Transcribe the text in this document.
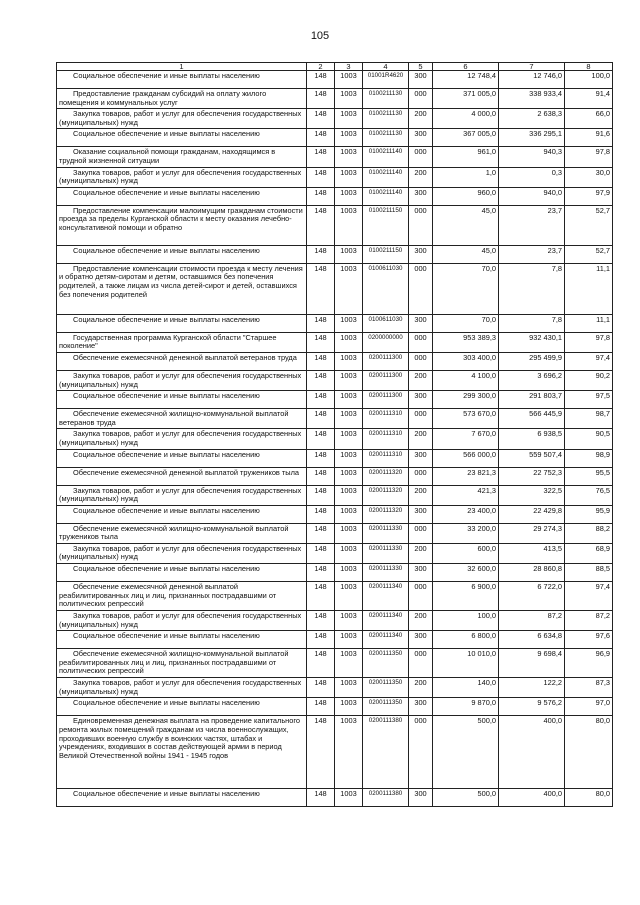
105
1	2	3	4	5	6	7	8
Социальное обеспечение и иные выплаты населению	148	1003	01001R4620	300	12 748,4	12 746,0	100,0
Предоставление гражданам субсидий на оплату жилого помещения и коммунальных услуг	148	1003	0100211130	000	371 005,0	338 933,4	91,4
Закупка товаров, работ и услуг для обеспечения государственных (муниципальных) нужд	148	1003	0100211130	200	4 000,0	2 638,3	66,0
Социальное обеспечение и иные выплаты населению	148	1003	0100211130	300	367 005,0	336 295,1	91,6
Оказание социальной помощи гражданам, находящимся в трудной жизненной ситуации	148	1003	0100211140	000	961,0	940,3	97,8
Закупка товаров, работ и услуг для обеспечения государственных (муниципальных) нужд	148	1003	0100211140	200	1,0	0,3	30,0
Социальное обеспечение и иные выплаты населению	148	1003	0100211140	300	960,0	940,0	97,9
Предоставление компенсации малоимущим гражданам стоимости проезда за пределы Курганской области к месту оказания лечебно-консультативной помощи и обратно	148	1003	0100211150	000	45,0	23,7	52,7
Социальное обеспечение и иные выплаты населению	148	1003	0100211150	300	45,0	23,7	52,7
Предоставление компенсации стоимости проезда к месту лечения и обратно детям-сиротам и детям, оставшимся без попечения родителей, а также лицам из числа детей-сирот и детей, оставшихся без попечения родителей	148	1003	0100611030	000	70,0	7,8	11,1
Социальное обеспечение и иные выплаты населению	148	1003	0100611030	300	70,0	7,8	11,1
Государственная программа Курганской области "Старшее поколение"	148	1003	0200000000	000	953 389,3	932 430,1	97,8
Обеспечение ежемесячной денежной выплатой ветеранов труда	148	1003	0200111300	000	303 400,0	295 499,9	97,4
Закупка товаров, работ и услуг для обеспечения государственных (муниципальных) нужд	148	1003	0200111300	200	4 100,0	3 696,2	90,2
Социальное обеспечение и иные выплаты населению	148	1003	0200111300	300	299 300,0	291 803,7	97,5
Обеспечение ежемесячной жилищно-коммунальной выплатой ветеранов труда	148	1003	0200111310	000	573 670,0	566 445,9	98,7
Закупка товаров, работ и услуг для обеспечения государственных (муниципальных) нужд	148	1003	0200111310	200	7 670,0	6 938,5	90,5
Социальное обеспечение и иные выплаты населению	148	1003	0200111310	300	566 000,0	559 507,4	98,9
Обеспечение ежемесячной денежной выплатой тружеников тыла	148	1003	0200111320	000	23 821,3	22 752,3	95,5
Закупка товаров, работ и услуг для обеспечения государственных (муниципальных) нужд	148	1003	0200111320	200	421,3	322,5	76,5
Социальное обеспечение и иные выплаты населению	148	1003	0200111320	300	23 400,0	22 429,8	95,9
Обеспечение ежемесячной жилищно-коммунальной выплатой тружеников тыла	148	1003	0200111330	000	33 200,0	29 274,3	88,2
Закупка товаров, работ и услуг для обеспечения государственных (муниципальных) нужд	148	1003	0200111330	200	600,0	413,5	68,9
Социальное обеспечение и иные выплаты населению	148	1003	0200111330	300	32 600,0	28 860,8	88,5
Обеспечение ежемесячной денежной выплатой реабилитированных лиц и лиц, признанных пострадавшими от политических репрессий	148	1003	0200111340	000	6 900,0	6 722,0	97,4
Закупка товаров, работ и услуг для обеспечения государственных (муниципальных) нужд	148	1003	0200111340	200	100,0	87,2	87,2
Социальное обеспечение и иные выплаты населению	148	1003	0200111340	300	6 800,0	6 634,8	97,6
Обеспечение ежемесячной жилищно-коммунальной выплатой реабилитированных лиц и лиц, признанных пострадавшими от политических репрессий	148	1003	0200111350	000	10 010,0	9 698,4	96,9
Закупка товаров, работ и услуг для обеспечения государственных (муниципальных) нужд	148	1003	0200111350	200	140,0	122,2	87,3
Социальное обеспечение и иные выплаты населению	148	1003	0200111350	300	9 870,0	9 576,2	97,0
Единовременная денежная выплата на проведение капитального ремонта жилых помещений гражданам из числа военнослужащих, проходивших военную службу в воинских частях, штабах и учреждениях, входивших в состав действующей армии в период Великой Отечественной войны 1941 - 1945 годов	148	1003	0200111380	000	500,0	400,0	80,0
Социальное обеспечение и иные выплаты населению	148	1003	0200111380	300	500,0	400,0	80,0
